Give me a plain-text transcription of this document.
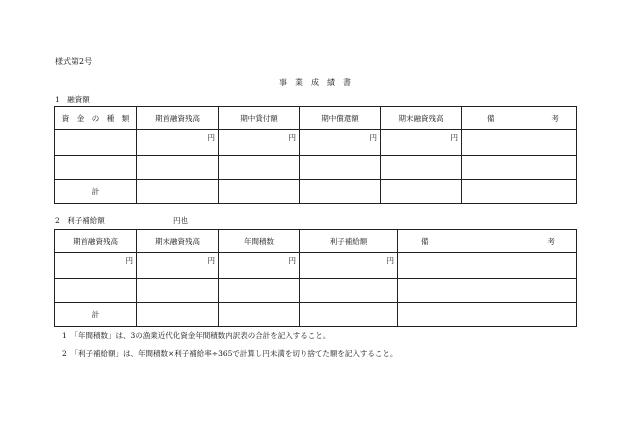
様式第2号
事　業　成　績　書
1　融資額
資　金　の　種　類	期首融資残高	期中貸付額	期中償還額	期末融資残高	備 考

	円	円	円	円	

計					
2　利子補給額	円也
期首融資残高	期末融資残高	年間積数	利子補給額	備 考

円	円	円	円	

計				
1　「年間積数」は、3の漁業近代化資金年間積数内訳表の合計を記入すること。
2　「利子補給額」は、年間積数×利子補給率÷365で計算し円未満を切り捨てた額を記入すること。
